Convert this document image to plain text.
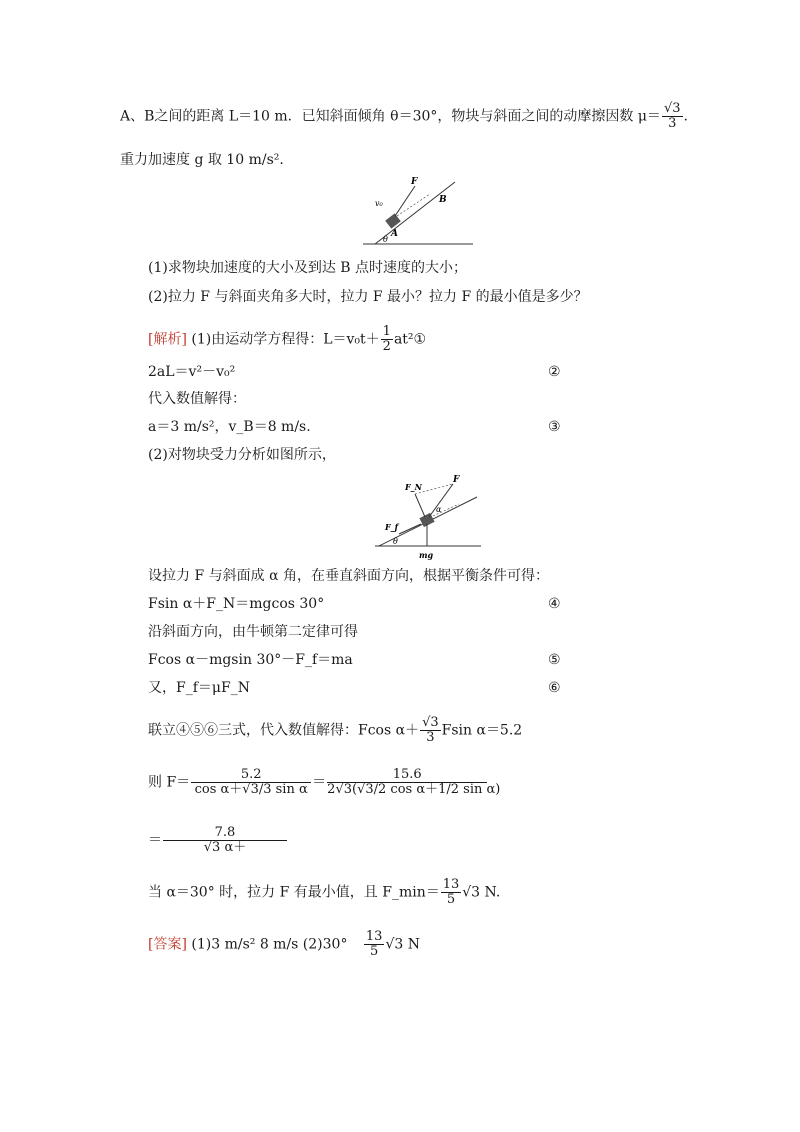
A、B之间的距离 L＝10 m．已知斜面倾角 θ＝30°，物块与斜面之间的动摩擦因数 $\mu= \frac{√3}{3}$ .
重力加速度 g 取 10 m/s².
F
B
v₀
A
θ
(1)求物块加速度的大小及到达 B 点时速度的大小；
(2)拉力 F 与斜面夹角多大时，拉力 F 最小？拉力 F 的最小值是多少？
[解析] (1)由运动学方程得：$L=v_0t+ \frac{1}{2}$ at²①
2aL＝v²－v₀²	②
代入数值解得：
a＝3 m/s²，v_B＝8 m/s.	③
(2)对物块受力分析如图所示，
F_N
F
α
F_f
θ
mg
设拉力 F 与斜面成 α 角，在垂直斜面方向，根据平衡条件可得：
Fsin α＋F_N＝mgcos 30°	④
沿斜面方向，由牛顿第二定律可得
Fcos α－mgsin 30°－F_f＝ma	⑤
又，F_f＝μF_N	⑥
联立④⑤⑥三式，代入数值解得：Fcos $\alpha+ \frac{√3}{3}$ Fsin α＝5.2
则 $F= \frac{5.2}{\text{cos α＋√3/3 sin α}} = \frac{15.6}{\text{2√3(√3/2 cos α＋1/2 sin α)}}$
＝ $\frac{7.8}{√3 \alpha+}$
当 α＝30° 时，拉力 F 有最小值，且 F_min＝ $\frac{13}{5} √3$ N.
[答案] (1)3 m/s² 8 m/s $(2)30^\circ \frac{13}{5} √3$ N
